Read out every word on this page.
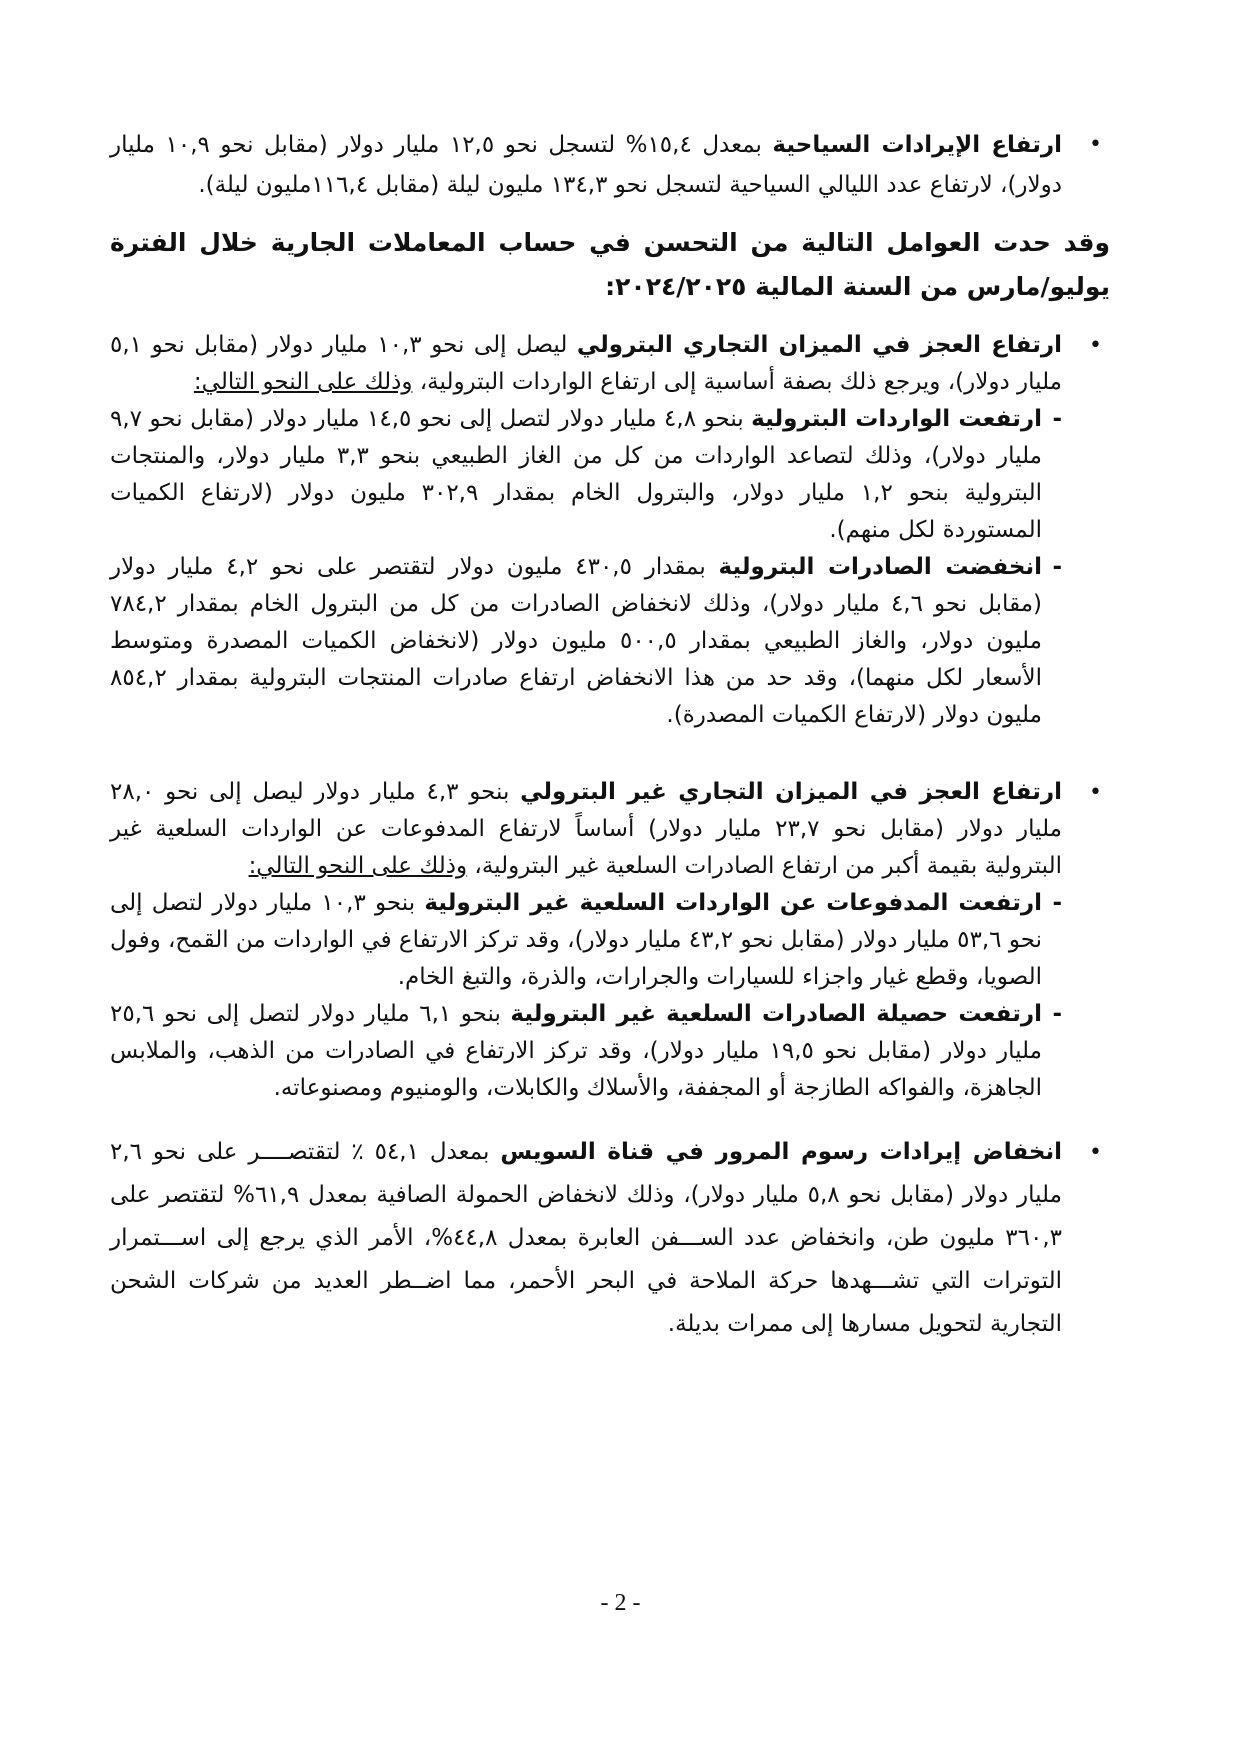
•
ارتفاع الإيرادات السياحية بمعدل ١٥,٤% لتسجل نحو ١٢,٥ مليار دولار (مقابل نحو ١٠,٩ مليار دولار)، لارتفاع عدد الليالي السياحية لتسجل نحو ١٣٤,٣ مليون ليلة (مقابل ١١٦,٤مليون ليلة).

وقد حدت العوامل التالية من التحسن في حساب المعاملات الجارية خلال الفترة يوليو/مارس من السنة المالية ٢٠٢٤/٢٠٢٥:

•

ارتفاع العجز في الميزان التجاري البترولي ليصل إلى نحو ١٠,٣ مليار دولار (مقابل نحو ٥,١ مليار دولار)، ويرجع ذلك بصفة أساسية إلى ارتفاع الواردات البترولية، وذلك على النحو التالي:

-
ارتفعت الواردات البترولية بنحو ٤,٨ مليار دولار لتصل إلى نحو ١٤,٥ مليار دولار (مقابل نحو ٩,٧ مليار دولار)، وذلك لتصاعد الواردات من كل من الغاز الطبيعي بنحو ٣,٣ مليار دولار، والمنتجات البترولية بنحو ١,٢ مليار دولار، والبترول الخام بمقدار ٣٠٢,٩ مليون دولار (لارتفاع الكميات المستوردة لكل منهم).

-
انخفضت الصادرات البترولية بمقدار ٤٣٠,٥ مليون دولار لتقتصر على نحو ٤,٢ مليار دولار (مقابل نحو ٤,٦ مليار دولار)، وذلك لانخفاض الصادرات من كل من البترول الخام بمقدار ٧٨٤,٢ مليون دولار، والغاز الطبيعي بمقدار ٥٠٠,٥ مليون دولار (لانخفاض الكميات المصدرة ومتوسط الأسعار لكل منهما)، وقد حد من هذا الانخفاض ارتفاع صادرات المنتجات البترولية بمقدار ٨٥٤,٢ مليون دولار (لارتفاع الكميات المصدرة).

•

ارتفاع العجز في الميزان التجاري غير البترولي بنحو ٤,٣ مليار دولار ليصل إلى نحو ٢٨,٠ مليار دولار (مقابل نحو ٢٣,٧ مليار دولار) أساساً لارتفاع المدفوعات عن الواردات السلعية غير البترولية بقيمة أكبر من ارتفاع الصادرات السلعية غير البترولية، وذلك على النحو التالي:

-
ارتفعت المدفوعات عن الواردات السلعية غير البترولية بنحو ١٠,٣ مليار دولار لتصل إلى نحو ٥٣,٦ مليار دولار (مقابل نحو ٤٣,٢ مليار دولار)، وقد تركز الارتفاع في الواردات من القمح، وفول الصويا، وقطع غيار واجزاء للسيارات والجرارات، والذرة، والتبغ الخام.

-
ارتفعت حصيلة الصادرات السلعية غير البترولية بنحو ٦,١ مليار دولار لتصل إلى نحو ٢٥,٦ مليار دولار (مقابل نحو ١٩,٥ مليار دولار)، وقد تركز الارتفاع في الصادرات من الذهب، والملابس الجاهزة، والفواكه الطازجة أو المجففة، والأسلاك والكابلات، والومنيوم ومصنوعاته.

•
انخفاض إيرادات رسوم المرور في قناة السويس بمعدل ٥٤,١ ٪ لتقتصــــر على نحو ٢,٦ مليار دولار (مقابل نحو ٥,٨ مليار دولار)، وذلك لانخفاض الحمولة الصافية بمعدل ٦١,٩% لتقتصر على ٣٦٠,٣ مليون طن، وانخفاض عدد الســـفن العابرة بمعدل ٤٤,٨%، الأمر الذي يرجع إلى اســـتمرار التوترات التي تشـــهدها حركة الملاحة في البحر الأحمر، مما اضــطر العديد من شركات الشحن التجارية لتحويل مسارها إلى ممرات بديلة.

- 2 -
